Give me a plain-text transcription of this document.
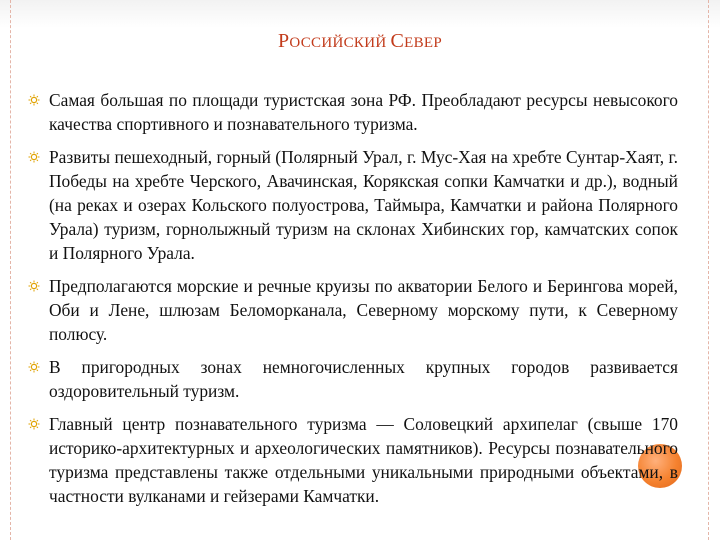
РОССИЙСКИЙ СЕВЕР
Самая большая по площади туристская зона РФ. Преобладают ресурсы невысокого качества спортивного и познавательного туризма.
Развиты пешеходный, горный (Полярный Урал, г. Мус-Хая на хребте Сунтар-Хаят, г. Победы на хребте Черского, Авачинская, Корякская сопки Камчатки и др.), водный (на реках и озерах Кольского полуострова, Таймыра, Камчатки и района Полярного Урала) туризм, горнолыжный туризм на склонах Хибинских гор, камчатских сопок и Полярного Урала.
Предполагаются морские и речные круизы по акватории Белого и Берингова морей, Оби и Лене, шлюзам Беломорканала, Северному морскому пути, к Северному полюсу.
В пригородных зонах немногочисленных крупных городов развивается оздоровительный туризм.
Главный центр познавательного туризма — Соловецкий архипелаг (свыше 170 историко-архитектурных и археологических памятников). Ресурсы познавательного туризма представлены также отдельными уникальными природными объектами, в частности вулканами и гейзерами Камчатки.
